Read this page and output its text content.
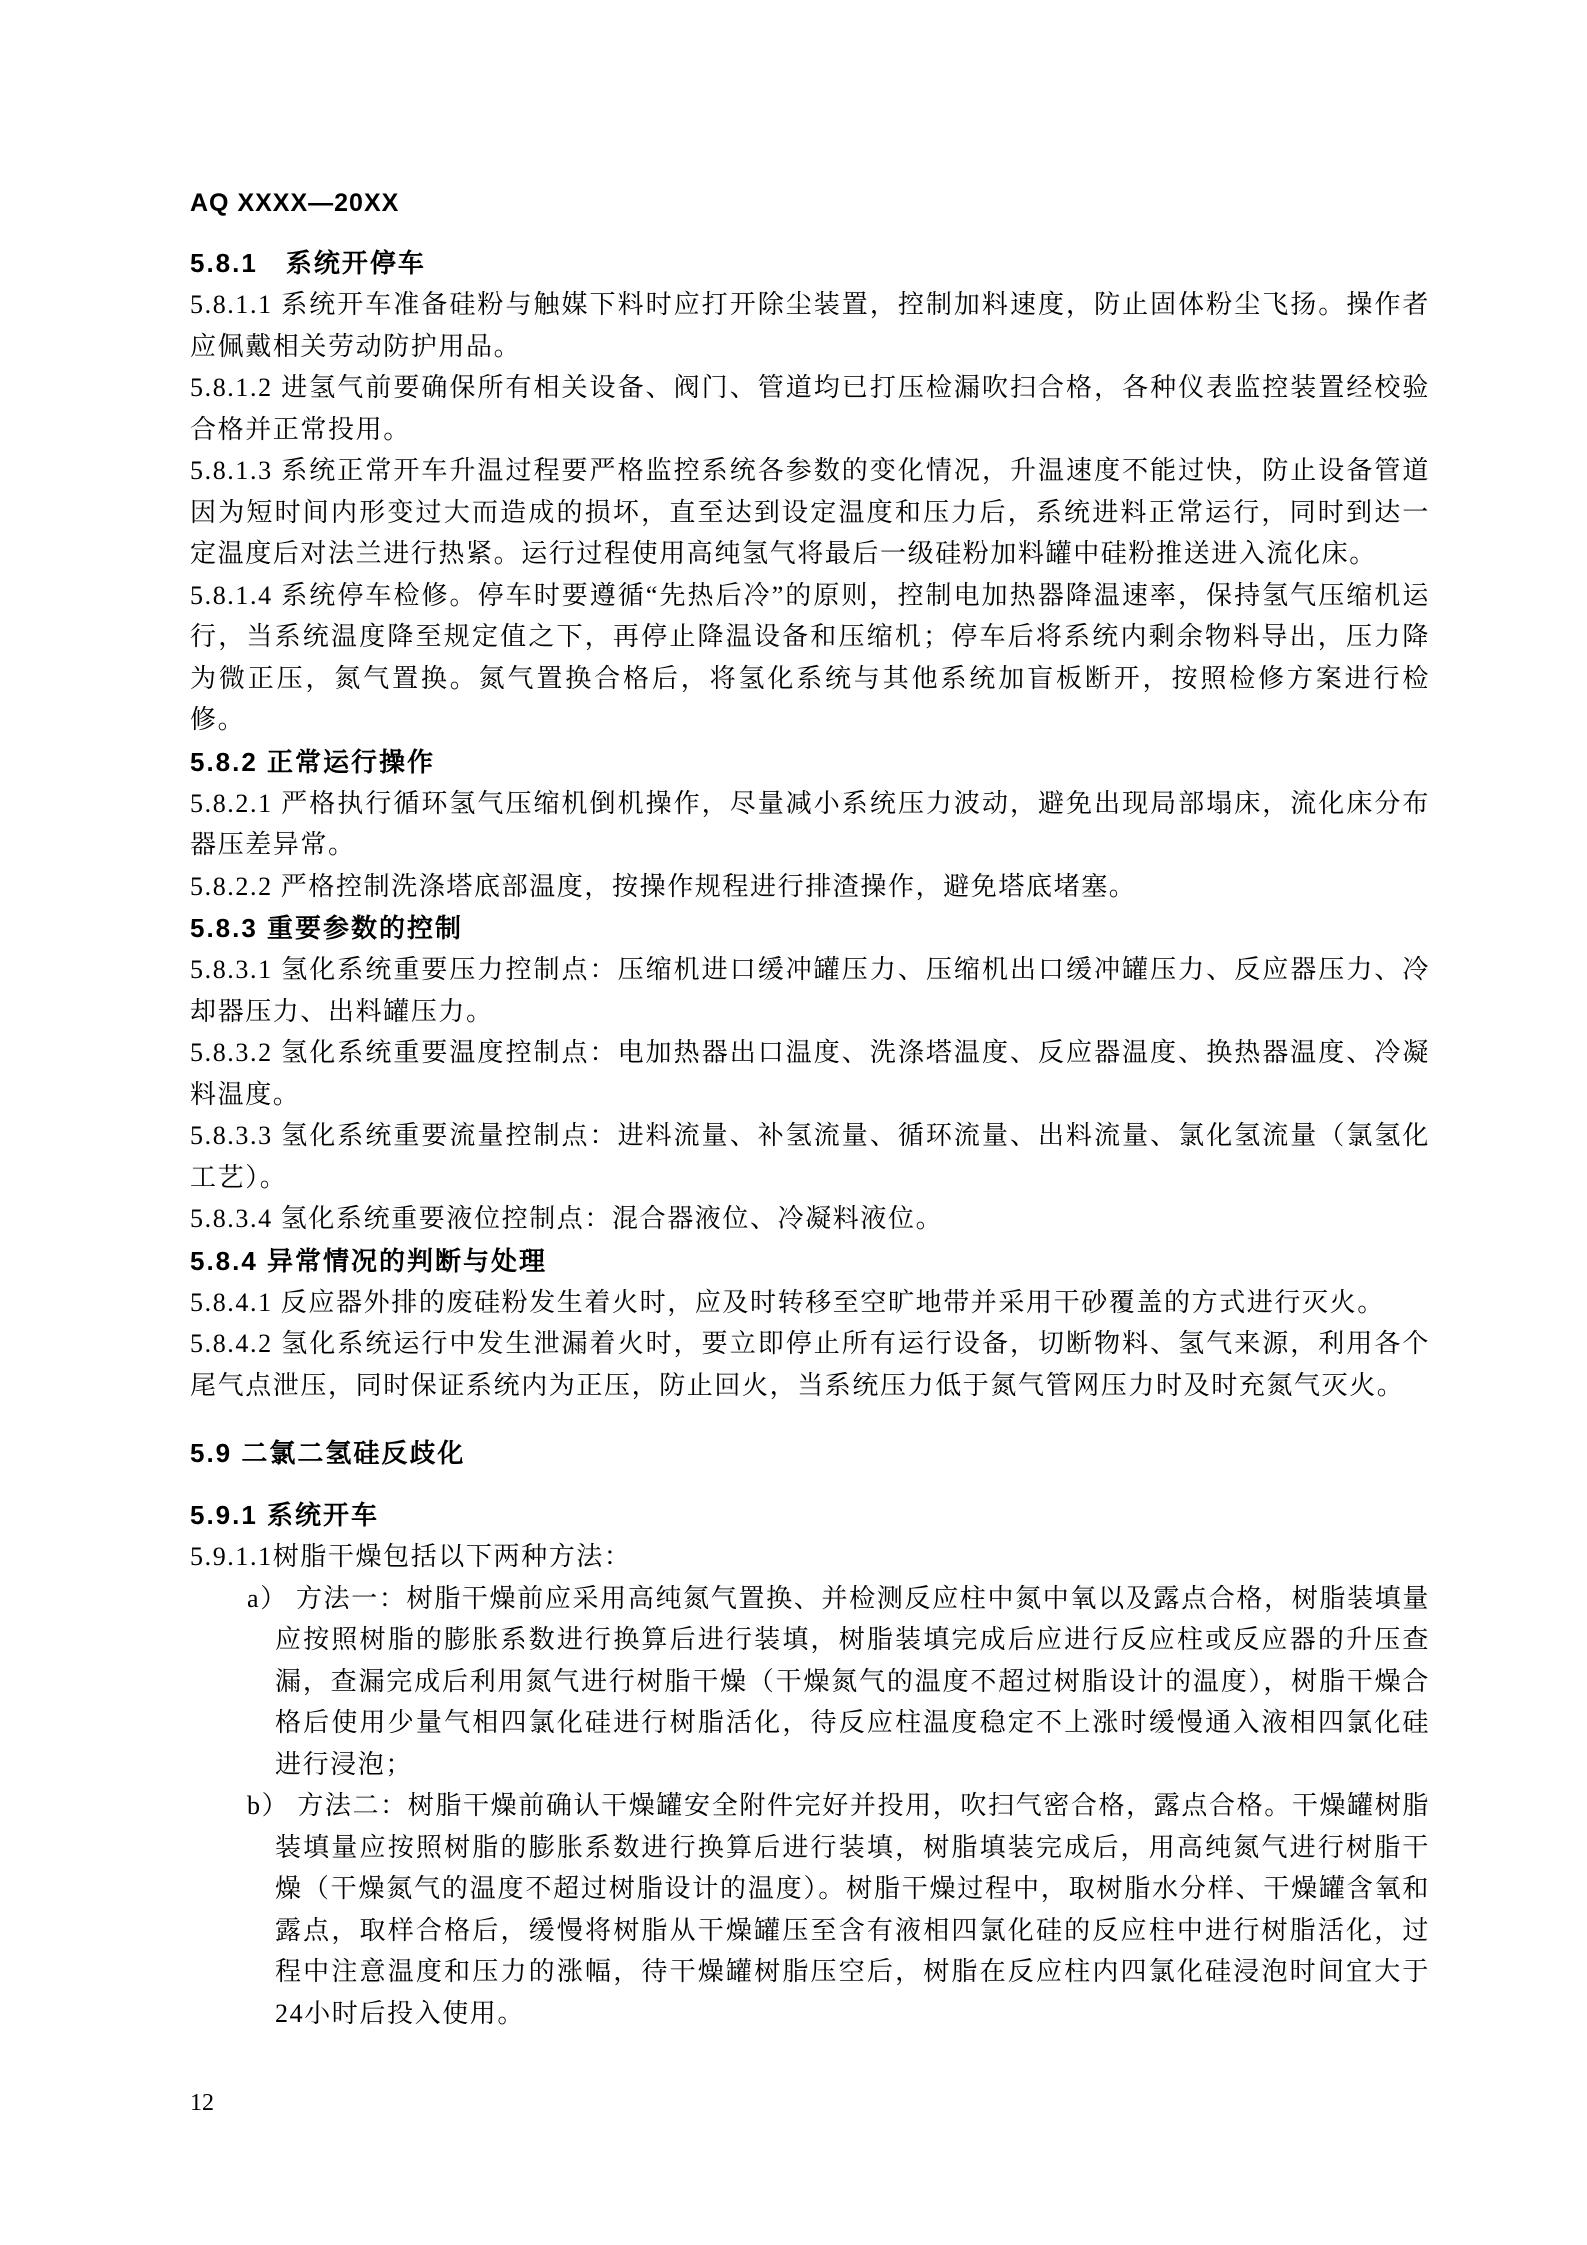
AQ XXXX—20XX
5.8.1　系统开停车
5.8.1.1 系统开车准备硅粉与触媒下料时应打开除尘装置，控制加料速度，防止固体粉尘飞扬。操作者应佩戴相关劳动防护用品。
5.8.1.2 进氢气前要确保所有相关设备、阀门、管道均已打压检漏吹扫合格，各种仪表监控装置经校验合格并正常投用。
5.8.1.3 系统正常开车升温过程要严格监控系统各参数的变化情况，升温速度不能过快，防止设备管道因为短时间内形变过大而造成的损坏，直至达到设定温度和压力后，系统进料正常运行，同时到达一定温度后对法兰进行热紧。运行过程使用高纯氢气将最后一级硅粉加料罐中硅粉推送进入流化床。
5.8.1.4 系统停车检修。停车时要遵循“先热后冷”的原则，控制电加热器降温速率，保持氢气压缩机运行，当系统温度降至规定值之下，再停止降温设备和压缩机；停车后将系统内剩余物料导出，压力降为微正压，氮气置换。氮气置换合格后，将氢化系统与其他系统加盲板断开，按照检修方案进行检修。
5.8.2 正常运行操作
5.8.2.1 严格执行循环氢气压缩机倒机操作，尽量减小系统压力波动，避免出现局部塌床，流化床分布器压差异常。
5.8.2.2 严格控制洗涤塔底部温度，按操作规程进行排渣操作，避免塔底堵塞。
5.8.3 重要参数的控制
5.8.3.1 氢化系统重要压力控制点：压缩机进口缓冲罐压力、压缩机出口缓冲罐压力、反应器压力、冷却器压力、出料罐压力。
5.8.3.2 氢化系统重要温度控制点：电加热器出口温度、洗涤塔温度、反应器温度、换热器温度、冷凝料温度。
5.8.3.3 氢化系统重要流量控制点：进料流量、补氢流量、循环流量、出料流量、氯化氢流量（氯氢化工艺）。
5.8.3.4 氢化系统重要液位控制点：混合器液位、冷凝料液位。
5.8.4 异常情况的判断与处理
5.8.4.1 反应器外排的废硅粉发生着火时，应及时转移至空旷地带并采用干砂覆盖的方式进行灭火。
5.8.4.2 氢化系统运行中发生泄漏着火时，要立即停止所有运行设备，切断物料、氢气来源，利用各个尾气点泄压，同时保证系统内为正压，防止回火，当系统压力低于氮气管网压力时及时充氮气灭火。
5.9 二氯二氢硅反歧化
5.9.1 系统开车
5.9.1.1树脂干燥包括以下两种方法：
a） 方法一：树脂干燥前应采用高纯氮气置换、并检测反应柱中氮中氧以及露点合格，树脂装填量应按照树脂的膨胀系数进行换算后进行装填，树脂装填完成后应进行反应柱或反应器的升压查漏，查漏完成后利用氮气进行树脂干燥（干燥氮气的温度不超过树脂设计的温度），树脂干燥合格后使用少量气相四氯化硅进行树脂活化，待反应柱温度稳定不上涨时缓慢通入液相四氯化硅进行浸泡；
b） 方法二：树脂干燥前确认干燥罐安全附件完好并投用，吹扫气密合格，露点合格。干燥罐树脂装填量应按照树脂的膨胀系数进行换算后进行装填，树脂填装完成后，用高纯氮气进行树脂干燥（干燥氮气的温度不超过树脂设计的温度）。树脂干燥过程中，取树脂水分样、干燥罐含氧和露点，取样合格后，缓慢将树脂从干燥罐压至含有液相四氯化硅的反应柱中进行树脂活化，过程中注意温度和压力的涨幅，待干燥罐树脂压空后，树脂在反应柱内四氯化硅浸泡时间宜大于24小时后投入使用。
12
